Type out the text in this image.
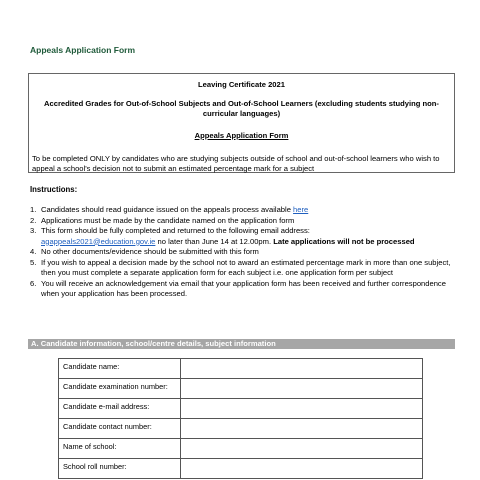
Appeals Application Form
Leaving Certificate 2021
Accredited Grades for Out-of-School Subjects and Out-of-School Learners (excluding students studying non-curricular languages)
Appeals Application Form
To be completed ONLY by candidates who are studying subjects outside of school and out-of-school learners who wish to appeal a school's decision not to submit an estimated percentage mark for a subject
Instructions:
1. Candidates should read guidance issued on the appeals process available here
2. Applications must be made by the candidate named on the application form
3. This form should be fully completed and returned to the following email address:
agappeals2021@education.gov.ie no later than June 14 at 12.00pm. Late applications will not be processed
4. No other documents/evidence should be submitted with this form
5. If you wish to appeal a decision made by the school not to award an estimated percentage mark in more than one subject, then you must complete a separate application form for each subject i.e. one application form per subject
6. You will receive an acknowledgement via email that your application form has been received and further correspondence when your application has been processed.
A. Candidate information, school/centre details, subject information
Candidate name:	
Candidate examination number:	
Candidate e-mail address:	
Candidate contact number:	
Name of school:	
School roll number:	
